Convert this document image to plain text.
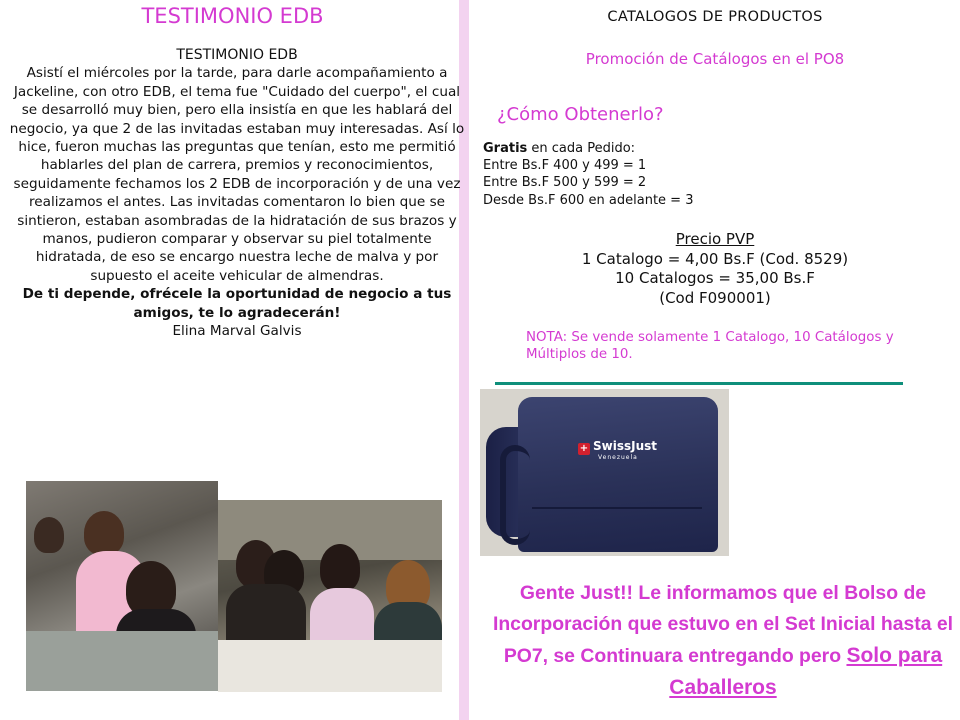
TESTIMONIO EDB
TESTIMONIO EDB
Asistí el miércoles por la tarde, para darle acompañamiento a Jackeline, con otro EDB, el tema fue "Cuidado del cuerpo", el cual se desarrolló muy bien, pero ella insistía en que les hablará del negocio, ya que 2 de las invitadas estaban muy interesadas. Así lo hice, fueron muchas las preguntas que tenían, esto me permitió hablarles del plan de carrera, premios y reconocimientos, seguidamente fechamos los 2 EDB de incorporación y de una vez realizamos el antes. Las invitadas comentaron lo bien que se sintieron, estaban asombradas de la hidratación de sus brazos y manos, pudieron comparar y observar su piel totalmente hidratada, de eso se encargo nuestra leche de malva y por supuesto el aceite vehicular de almendras.
De ti depende, ofrécele la oportunidad de negocio a tus amigos, te lo agradecerán!
Elina Marval Galvis
CATALOGOS DE PRODUCTOS
Promoción de Catálogos en el PO8
¿Cómo Obtenerlo?
Gratis en cada Pedido:
Entre Bs.F 400 y 499 = 1
Entre Bs.F 500 y 599 = 2
Desde Bs.F 600 en adelante = 3
Precio PVP
1 Catalogo = 4,00 Bs.F (Cod. 8529)
10 Catalogos = 35,00 Bs.F
(Cod F090001)
NOTA: Se vende solamente 1 Catalogo, 10 Catálogos y Múltiplos de 10.
+ SwissJust
Venezuela
Gente Just!! Le informamos que el Bolso de Incorporación que estuvo en el Set Inicial hasta el PO7, se Continuara entregando pero Solo para Caballeros
